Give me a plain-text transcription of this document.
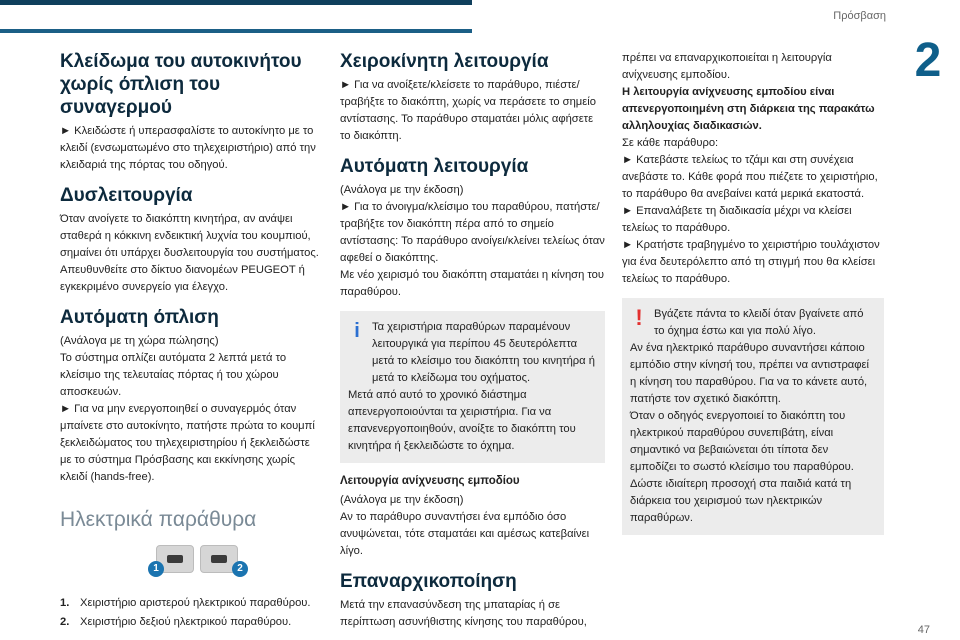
Πρόσβαση
2
Κλείδωμα του αυτοκινήτου
χωρίς όπλιση του συναγερμού

► Κλειδώστε ή υπερασφαλίστε το αυτοκίνητο με το κλειδί (ενσωματωμένο στο τηλεχειριστήριο) από την κλειδαριά της πόρτας του οδηγού.

Δυσλειτουργία

Όταν ανοίγετε το διακόπτη κινητήρα, αν ανάψει σταθερά η κόκκινη ενδεικτική λυχνία του κουμπιού, σημαίνει ότι υπάρχει δυσλειτουργία του συστήματος. Απευθυνθείτε στο δίκτυο διανομέων PEUGEOT ή εγκεκριμένο συνεργείο για έλεγχο.

Αυτόματη όπλιση

(Ανάλογα με τη χώρα πώλησης)

Το σύστημα οπλίζει αυτόματα 2 λεπτά μετά το κλείσιμο της τελευταίας πόρτας ή του χώρου αποσκευών.

► Για να μην ενεργοποιηθεί ο συναγερμός όταν μπαίνετε στο αυτοκίνητο, πατήστε πρώτα το κουμπί ξεκλειδώματος του τηλεχειριστηρίου ή ξεκλειδώστε με το σύστημα Πρόσβασης και εκκίνησης χωρίς κλειδί (hands-free).

Ηλεκτρικά παράθυρα
1	2
1. Χειριστήριο αριστερού ηλεκτρικού παραθύρου.
2. Χειριστήριο δεξιού ηλεκτρικού παραθύρου.
Χειροκίνητη λειτουργία

► Για να ανοίξετε/κλείσετε το παράθυρο, πιέστε/ τραβήξτε το διακόπτη, χωρίς να περάσετε το σημείο αντίστασης. Το παράθυρο σταματάει μόλις αφήσετε το διακόπτη.

Αυτόματη λειτουργία

(Ανάλογα με την έκδοση)

► Για το άνοιγμα/κλείσιμο του παραθύρου, πατήστε/ τραβήξτε τον διακόπτη πέρα από το σημείο αντίστασης: Το παράθυρο ανοίγει/κλείνει τελείως όταν αφεθεί ο διακόπτης.

Με νέο χειρισμό του διακόπτη σταματάει η κίνηση του παραθύρου.

i	Τα χειριστήρια παραθύρων παραμένουν λειτουργικά για περίπου 45 δευτερόλεπτα μετά το κλείσιμο του διακόπτη του κινητήρα ή μετά το κλείδωμα του οχήματος.

Μετά από αυτό το χρονικό διάστημα απενεργοποιούνται τα χειριστήρια. Για να επανενεργοποιηθούν, ανοίξτε το διακόπτη του κινητήρα ή ξεκλειδώστε το όχημα.

Λειτουργία ανίχνευσης εμποδίου

(Ανάλογα με την έκδοση)

Αν το παράθυρο συναντήσει ένα εμπόδιο όσο ανυψώνεται, τότε σταματάει και αμέσως κατεβαίνει λίγο.

Επαναρχικοποίηση

Μετά την επανασύνδεση της μπαταρίας ή σε περίπτωση ασυνήθιστης κίνησης του παραθύρου,

πρέπει να επαναρχικοποιείται η λειτουργία ανίχνευσης εμποδίου.

Η λειτουργία ανίχνευσης εμποδίου είναι απενεργοποιημένη στη διάρκεια της παρακάτω αλληλουχίας διαδικασιών.

Σε κάθε παράθυρο:

► Κατεβάστε τελείως το τζάμι και στη συνέχεια ανεβάστε το. Κάθε φορά που πιέζετε το χειριστήριο, το παράθυρο θα ανεβαίνει κατά μερικά εκατοστά.

► Επαναλάβετε τη διαδικασία μέχρι να κλείσει τελείως το παράθυρο.

► Κρατήστε τραβηγμένο το χειριστήριο τουλάχιστον για ένα δευτερόλεπτο από τη στιγμή που θα κλείσει τελείως το παράθυρο.

!	Βγάζετε πάντα το κλειδί όταν βγαίνετε από το όχημα έστω και για πολύ λίγο.

Αν ένα ηλεκτρικό παράθυρο συναντήσει κάποιο εμπόδιο στην κίνησή του, πρέπει να αντιστραφεί η κίνηση του παραθύρου. Για να το κάνετε αυτό, πατήστε τον σχετικό διακόπτη.

Όταν ο οδηγός ενεργοποιεί το διακόπτη του ηλεκτρικού παραθύρου συνεπιβάτη, είναι σημαντικό να βεβαιώνεται ότι τίποτα δεν εμποδίζει το σωστό κλείσιμο του παραθύρου.

Δώστε ιδιαίτερη προσοχή στα παιδιά κατά τη διάρκεια του χειρισμού των ηλεκτρικών παραθύρων.

47
